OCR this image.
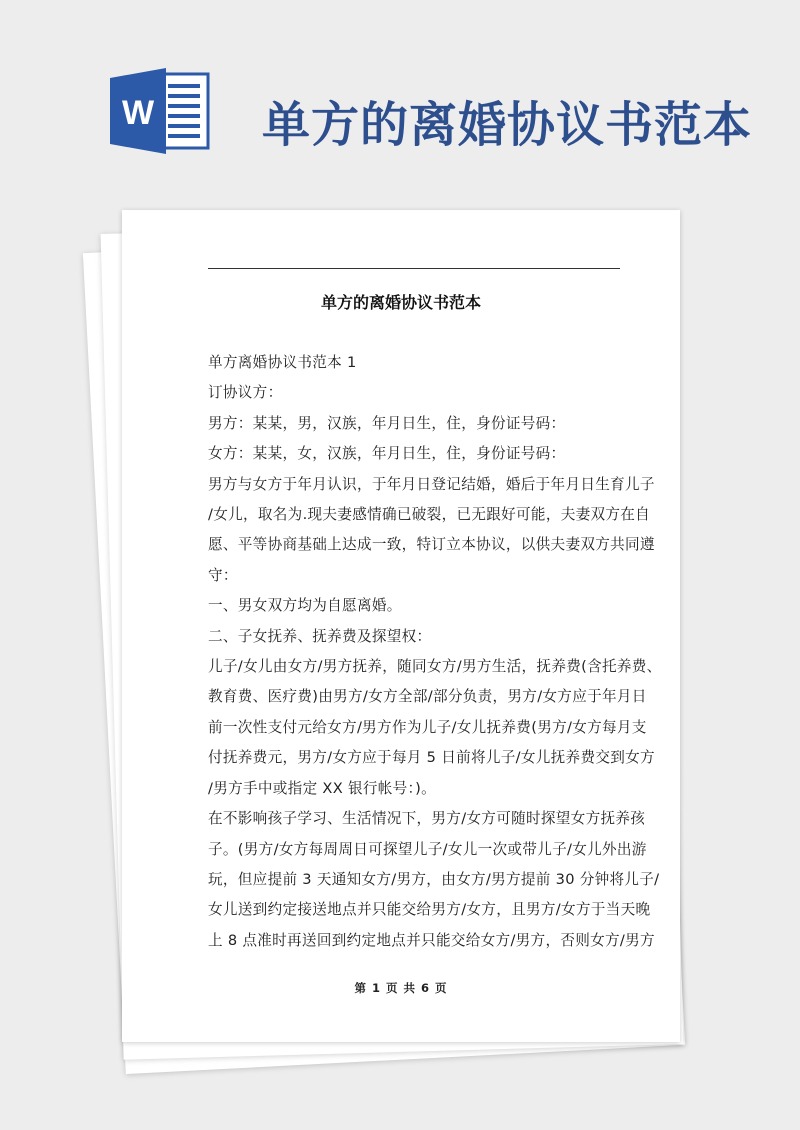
W 单方的离婚协议书范本
单方的离婚协议书范本
单方离婚协议书范本 1
订协议方：
男方：某某，男，汉族，年月日生，住，身份证号码：
女方：某某，女，汉族，年月日生，住，身份证号码：
男方与女方于年月认识，于年月日登记结婚，婚后于年月日生育儿子
/女儿，取名为.现夫妻感情确已破裂，已无跟好可能，夫妻双方在自
愿、平等协商基础上达成一致，特订立本协议，以供夫妻双方共同遵
守：
一、男女双方均为自愿离婚。
二、子女抚养、抚养费及探望权：
儿子/女儿由女方/男方抚养，随同女方/男方生活，抚养费(含托养费、
教育费、医疗费)由男方/女方全部/部分负责，男方/女方应于年月日
前一次性支付元给女方/男方作为儿子/女儿抚养费(男方/女方每月支
付抚养费元，男方/女方应于每月 5 日前将儿子/女儿抚养费交到女方
/男方手中或指定 XX 银行帐号：)。
在不影响孩子学习、生活情况下，男方/女方可随时探望女方抚养孩
子。(男方/女方每周周日可探望儿子/女儿一次或带儿子/女儿外出游
玩，但应提前 3 天通知女方/男方，由女方/男方提前 30 分钟将儿子/
女儿送到约定接送地点并只能交给男方/女方，且男方/女方于当天晚
上 8 点准时再送回到约定地点并只能交给女方/男方，否则女方/男方
第 1 页 共 6 页
